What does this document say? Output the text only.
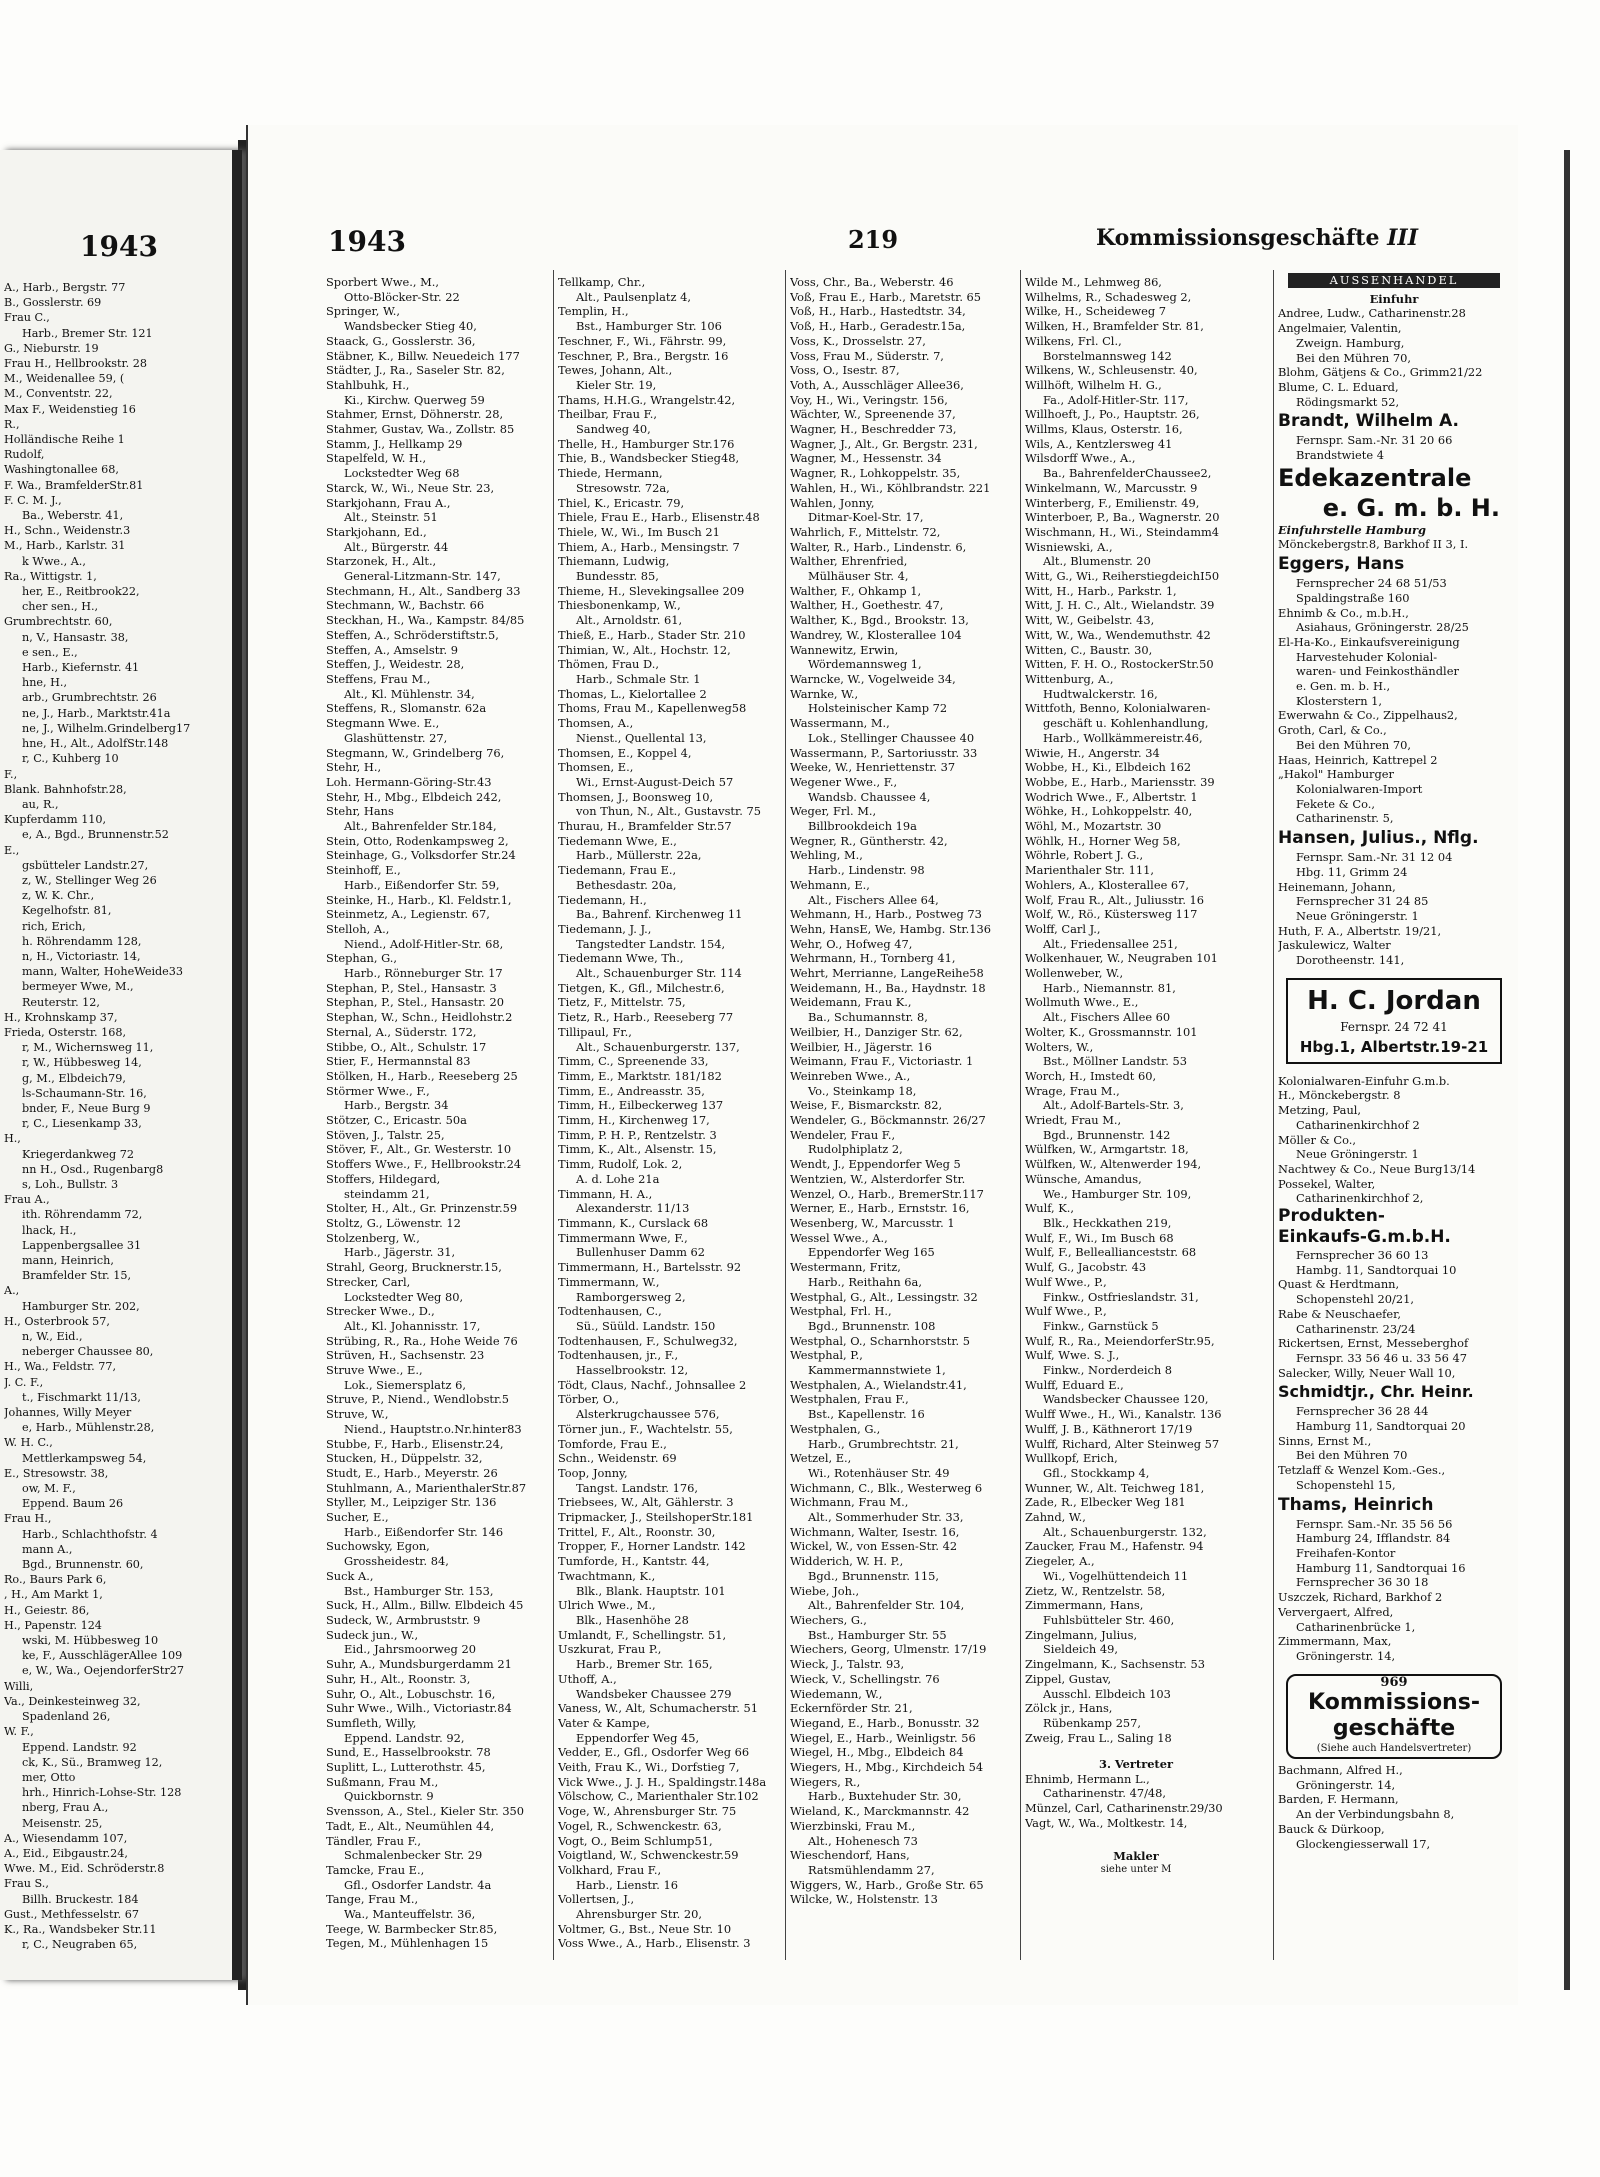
1943
A., Harb., Bergstr. 77
B., Gosslerstr. 69
Frau C.,
Harb., Bremer Str. 121
G., Nieburstr. 19
Frau H., Hellbrookstr. 28
M., Weidenallee 59, (
M., Conventstr. 22,
Max F., Weidenstieg 16
R.,
Holländische Reihe 1
Rudolf,
Washingtonallee 68,
F. Wa., BramfelderStr.81
F. C. M. J.,
Ba., Weberstr. 41,
H., Schn., Weidenstr.3
M., Harb., Karlstr. 31
k Wwe., A.,
Ra., Wittigstr. 1,
her, E., Reitbrook22,
cher sen., H.,
Grumbrechtstr. 60,
n, V., Hansastr. 38,
e sen., E.,
Harb., Kiefernstr. 41
hne, H.,
arb., Grumbrechtstr. 26
ne, J., Harb., Marktstr.41a
ne, J., Wilhelm.Grindelberg17
hne, H., Alt., AdolfStr.148
r, C., Kuhberg 10
F.,
Blank. Bahnhofstr.28,
au, R.,
Kupferdamm 110,
e, A., Bgd., Brunnenstr.52
E.,
gsbütteler Landstr.27,
z, W., Stellinger Weg 26
z, W. K. Chr.,
Kegelhofstr. 81,
rich, Erich,
h. Röhrendamm 128,
n, H., Victoriastr. 14,
mann, Walter, HoheWeide33
bermeyer Wwe, M.,
Reuterstr. 12,
H., Krohnskamp 37,
Frieda, Osterstr. 168,
r, M., Wichernsweg 11,
r, W., Hübbesweg 14,
g, M., Elbdeich79,
ls-Schaumann-Str. 16,
bnder, F., Neue Burg 9
r, C., Liesenkamp 33,
H.,
Kriegerdankweg 72
nn H., Osd., Rugenbarg8
s, Loh., Bullstr. 3
Frau A.,
ith. Röhrendamm 72,
lhack, H.,
Lappenbergsallee 31
mann, Heinrich,
Bramfelder Str. 15,
A.,
Hamburger Str. 202,
H., Osterbrook 57,
n, W., Eid.,
neberger Chaussee 80,
H., Wa., Feldstr. 77,
J. C. F.,
t., Fischmarkt 11/13,
Johannes, Willy Meyer
e, Harb., Mühlenstr.28,
W. H. C.,
Mettlerkampsweg 54,
E., Stresowstr. 38,
ow, M. F.,
Eppend. Baum 26
Frau H.,
Harb., Schlachthofstr. 4
mann A.,
Bgd., Brunnenstr. 60,
Ro., Baurs Park 6,
, H., Am Markt 1,
H., Geiestr. 86,
H., Papenstr. 124
wski, M. Hübbesweg 10
ke, F., AusschlägerAllee 109
e, W., Wa., OejendorferStr27
Willi,
Va., Deinkesteinweg 32,
Spadenland 26,
W. F.,
Eppend. Landstr. 92
ck, K., Sü., Bramweg 12,
mer, Otto
hrh., Hinrich-Lohse-Str. 128
nberg, Frau A.,
Meisenstr. 25,
A., Wiesendamm 107,
A., Eid., Eibgaustr.24,
Wwe. M., Eid. Schröderstr.8
Frau S.,
Billh. Bruckestr. 184
Gust., Methfesselstr. 67
K., Ra., Wandsbeker Str.11
r, C., Neugraben 65,
1943	219	Kommissionsgeschäfte III
Sporbert Wwe., M.,
Otto-Blöcker-Str. 22
Springer, W.,
Wandsbecker Stieg 40,
Staack, G., Gosslerstr. 36,
Stäbner, K., Billw. Neuedeich 177
Städter, J., Ra., Saseler Str. 82,
Stahlbuhk, H.,
Ki., Kirchw. Querweg 59
Stahmer, Ernst, Döhnerstr. 28,
Stahmer, Gustav, Wa., Zollstr. 85
Stamm, J., Hellkamp 29
Stapelfeld, W. H.,
Lockstedter Weg 68
Starck, W., Wi., Neue Str. 23,
Starkjohann, Frau A.,
Alt., Steinstr. 51
Starkjohann, Ed.,
Alt., Bürgerstr. 44
Starzonek, H., Alt.,
General-Litzmann-Str. 147,
Stechmann, H., Alt., Sandberg 33
Stechmann, W., Bachstr. 66
Steckhan, H., Wa., Kampstr. 84/85
Steffen, A., Schröderstiftstr.5,
Steffen, A., Amselstr. 9
Steffen, J., Weidestr. 28,
Steffens, Frau M.,
Alt., Kl. Mühlenstr. 34,
Steffens, R., Slomanstr. 62a
Stegmann Wwe. E.,
Glashüttenstr. 27,
Stegmann, W., Grindelberg 76,
Stehr, H.,
Loh. Hermann-Göring-Str.43
Stehr, H., Mbg., Elbdeich 242,
Stehr, Hans
Alt., Bahrenfelder Str.184,
Stein, Otto, Rodenkampsweg 2,
Steinhage, G., Volksdorfer Str.24
Steinhoff, E.,
Harb., Eißendorfer Str. 59,
Steinke, H., Harb., Kl. Feldstr.1,
Steinmetz, A., Legienstr. 67,
Stelloh, A.,
Niend., Adolf-Hitler-Str. 68,
Stephan, G.,
Harb., Rönneburger Str. 17
Stephan, P., Stel., Hansastr. 3
Stephan, P., Stel., Hansastr. 20
Stephan, W., Schn., Heidlohstr.2
Sternal, A., Süderstr. 172,
Stibbe, O., Alt., Schulstr. 17
Stier, F., Hermannstal 83
Stölken, H., Harb., Reeseberg 25
Störmer Wwe., F.,
Harb., Bergstr. 34
Stötzer, C., Ericastr. 50a
Stöven, J., Talstr. 25,
Stöver, F., Alt., Gr. Westerstr. 10
Stoffers Wwe., F., Hellbrookstr.24
Stoffers, Hildegard,
steindamm 21,
Stolter, H., Alt., Gr. Prinzenstr.59
Stoltz, G., Löwenstr. 12
Stolzenberg, W.,
Harb., Jägerstr. 31,
Strahl, Georg, Brucknerstr.15,
Strecker, Carl,
Lockstedter Weg 80,
Strecker Wwe., D.,
Alt., Kl. Johannisstr. 17,
Strübing, R., Ra., Hohe Weide 76
Strüven, H., Sachsenstr. 23
Struve Wwe., E.,
Lok., Siemersplatz 6,
Struve, P., Niend., Wendlobstr.5
Struve, W.,
Niend., Hauptstr.o.Nr.hinter83
Stubbe, F., Harb., Elisenstr.24,
Stucken, H., Düppelstr. 32,
Studt, E., Harb., Meyerstr. 26
Stuhlmann, A., MarienthalerStr.87
Styller, M., Leipziger Str. 136
Sucher, E.,
Harb., Eißendorfer Str. 146
Suchowsky, Egon,
Grossheidestr. 84,
Suck A.,
Bst., Hamburger Str. 153,
Suck, H., Allm., Billw. Elbdeich 45
Sudeck, W., Armbruststr. 9
Sudeck jun., W.,
Eid., Jahrsmoorweg 20
Suhr, A., Mundsburgerdamm 21
Suhr, H., Alt., Roonstr. 3,
Suhr, O., Alt., Lobuschstr. 16,
Suhr Wwe., Wilh., Victoriastr.84
Sumfleth, Willy,
Eppend. Landstr. 92,
Sund, E., Hasselbrookstr. 78
Suplitt, L., Lutterothstr. 45,
Sußmann, Frau M.,
Quickbornstr. 9
Svensson, A., Stel., Kieler Str. 350
Tadt, E., Alt., Neumühlen 44,
Tändler, Frau F.,
Schmalenbecker Str. 29
Tamcke, Frau E.,
Gfl., Osdorfer Landstr. 4a
Tange, Frau M.,
Wa., Manteuffelstr. 36,
Teege, W. Barmbecker Str.85,
Tegen, M., Mühlenhagen 15
Tellkamp, Chr.,
Alt., Paulsenplatz 4,
Templin, H.,
Bst., Hamburger Str. 106
Teschner, F., Wi., Fährstr. 99,
Teschner, P., Bra., Bergstr. 16
Tewes, Johann, Alt.,
Kieler Str. 19,
Thams, H.H.G., Wrangelstr.42,
Theilbar, Frau F.,
Sandweg 40,
Thelle, H., Hamburger Str.176
Thie, B., Wandsbecker Stieg48,
Thiede, Hermann,
Stresowstr. 72a,
Thiel, K., Ericastr. 79,
Thiele, Frau E., Harb., Elisenstr.48
Thiele, W., Wi., Im Busch 21
Thiem, A., Harb., Mensingstr. 7
Thiemann, Ludwig,
Bundesstr. 85,
Thieme, H., Slevekingsallee 209
Thiesbonenkamp, W.,
Alt., Arnoldstr. 61,
Thieß, E., Harb., Stader Str. 210
Thimian, W., Alt., Hochstr. 12,
Thömen, Frau D.,
Harb., Schmale Str. 1
Thomas, L., Kielortallee 2
Thoms, Frau M., Kapellenweg58
Thomsen, A.,
Nienst., Quellental 13,
Thomsen, E., Koppel 4,
Thomsen, E.,
Wi., Ernst-August-Deich 57
Thomsen, J., Boonsweg 10,
von Thun, N., Alt., Gustavstr. 75
Thurau, H., Bramfelder Str.57
Tiedemann Wwe, E.,
Harb., Müllerstr. 22a,
Tiedemann, Frau E.,
Bethesdastr. 20a,
Tiedemann, H.,
Ba., Bahrenf. Kirchenweg 11
Tiedemann, J. J.,
Tangstedter Landstr. 154,
Tiedemann Wwe, Th.,
Alt., Schauenburger Str. 114
Tietgen, K., Gfl., Milchestr.6,
Tietz, F., Mittelstr. 75,
Tietz, R., Harb., Reeseberg 77
Tillipaul, Fr.,
Alt., Schauenburgerstr. 137,
Timm, C., Spreenende 33,
Timm, E., Marktstr. 181/182
Timm, E., Andreasstr. 35,
Timm, H., Eilbeckerweg 137
Timm, H., Kirchenweg 17,
Timm, P. H. P., Rentzelstr. 3
Timm, K., Alt., Alsenstr. 15,
Timm, Rudolf, Lok. 2,
A. d. Lohe 21a
Timmann, H. A.,
Alexanderstr. 11/13
Timmann, K., Curslack 68
Timmermann Wwe, F.,
Bullenhuser Damm 62
Timmermann, H., Bartelsstr. 92
Timmermann, W.,
Ramborgersweg 2,
Todtenhausen, C.,
Sü., Süüld. Landstr. 150
Todtenhausen, F., Schulweg32,
Todtenhausen, jr., F.,
Hasselbrookstr. 12,
Tödt, Claus, Nachf., Johnsallee 2
Törber, O.,
Alsterkrugchaussee 576,
Törner jun., F., Wachtelstr. 55,
Tomforde, Frau E.,
Schn., Weidenstr. 69
Toop, Jonny,
Tangst. Landstr. 176,
Triebsees, W., Alt, Gählerstr. 3
Tripmacker, J., SteilshoperStr.181
Trittel, F., Alt., Roonstr. 30,
Tropper, F., Horner Landstr. 142
Tumforde, H., Kantstr. 44,
Twachtmann, K.,
Blk., Blank. Hauptstr. 101
Ulrich Wwe., M.,
Blk., Hasenhöhe 28
Umlandt, F., Schellingstr. 51,
Uszkurat, Frau P.,
Harb., Bremer Str. 165,
Uthoff, A.,
Wandsbeker Chaussee 279
Vaness, W., Alt, Schumacherstr. 51
Vater & Kampe,
Eppendorfer Weg 45,
Vedder, E., Gfl., Osdorfer Weg 66
Veith, Frau K., Wi., Dorfstieg 7,
Vick Wwe., J. J. H., Spaldingstr.148a
Völschow, C., Marienthaler Str.102
Voge, W., Ahrensburger Str. 75
Vogel, R., Schwenckestr. 63,
Vogt, O., Beim Schlump51,
Voigtland, W., Schwenckestr.59
Volkhard, Frau F.,
Harb., Lienstr. 16
Vollertsen, J.,
Ahrensburger Str. 20,
Voltmer, G., Bst., Neue Str. 10
Voss Wwe., A., Harb., Elisenstr. 3
Voss, Chr., Ba., Weberstr. 46
Voß, Frau E., Harb., Maretstr. 65
Voß, H., Harb., Hastedtstr. 34,
Voß, H., Harb., Geradestr.15a,
Voss, K., Drosselstr. 27,
Voss, Frau M., Süderstr. 7,
Voss, O., Isestr. 87,
Voth, A., Ausschläger Allee36,
Voy, H., Wi., Veringstr. 156,
Wächter, W., Spreenende 37,
Wagner, H., Beschredder 73,
Wagner, J., Alt., Gr. Bergstr. 231,
Wagner, M., Hessenstr. 34
Wagner, R., Lohkoppelstr. 35,
Wahlen, H., Wi., Köhlbrandstr. 221
Wahlen, Jonny,
Ditmar-Koel-Str. 17,
Wahrlich, F., Mittelstr. 72,
Walter, R., Harb., Lindenstr. 6,
Walther, Ehrenfried,
Mülhäuser Str. 4,
Walther, F., Ohkamp 1,
Walther, H., Goethestr. 47,
Walther, K., Bgd., Brookstr. 13,
Wandrey, W., Klosterallee 104
Wannewitz, Erwin,
Wördemannsweg 1,
Warncke, W., Vogelweide 34,
Warnke, W.,
Holsteinischer Kamp 72
Wassermann, M.,
Lok., Stellinger Chaussee 40
Wassermann, P., Sartoriusstr. 33
Weeke, W., Henriettenstr. 37
Wegener Wwe., F.,
Wandsb. Chaussee 4,
Weger, Frl. M.,
Billbrookdeich 19a
Wegner, R., Güntherstr. 42,
Wehling, M.,
Harb., Lindenstr. 98
Wehmann, E.,
Alt., Fischers Allee 64,
Wehmann, H., Harb., Postweg 73
Wehn, HansE, We, Hambg. Str.136
Wehr, O., Hofweg 47,
Wehrmann, H., Tornberg 41,
Wehrt, Merrianne, LangeReihe58
Weidemann, H., Ba., Haydnstr. 18
Weidemann, Frau K.,
Ba., Schumannstr. 8,
Weilbier, H., Danziger Str. 62,
Weilbier, H., Jägerstr. 16
Weimann, Frau F., Victoriastr. 1
Weinreben Wwe., A.,
Vo., Steinkamp 18,
Weise, F., Bismarckstr. 82,
Wendeler, G., Böckmannstr. 26/27
Wendeler, Frau F.,
Rudolphiplatz 2,
Wendt, J., Eppendorfer Weg 5
Wentzien, W., Alsterdorfer Str.
Wenzel, O., Harb., BremerStr.117
Werner, E., Harb., Ernststr. 16,
Wesenberg, W., Marcusstr. 1
Wessel Wwe., A.,
Eppendorfer Weg 165
Westermann, Fritz,
Harb., Reithahn 6a,
Westphal, G., Alt., Lessingstr. 32
Westphal, Frl. H.,
Bgd., Brunnenstr. 108
Westphal, O., Scharnhorststr. 5
Westphal, P.,
Kammermannstwiete 1,
Westphalen, A., Wielandstr.41,
Westphalen, Frau F.,
Bst., Kapellenstr. 16
Westphalen, G.,
Harb., Grumbrechtstr. 21,
Wetzel, E.,
Wi., Rotenhäuser Str. 49
Wichmann, C., Blk., Westerweg 6
Wichmann, Frau M.,
Alt., Sommerhuder Str. 33,
Wichmann, Walter, Isestr. 16,
Wickel, W., von Essen-Str. 42
Widderich, W. H. P.,
Bgd., Brunnenstr. 115,
Wiebe, Joh.,
Alt., Bahrenfelder Str. 104,
Wiechers, G.,
Bst., Hamburger Str. 55
Wiechers, Georg, Ulmenstr. 17/19
Wieck, J., Talstr. 93,
Wieck, V., Schellingstr. 76
Wiedemann, W.,
Eckernförder Str. 21,
Wiegand, E., Harb., Bonusstr. 32
Wiegel, E., Harb., Weinligstr. 56
Wiegel, H., Mbg., Elbdeich 84
Wiegers, H., Mbg., Kirchdeich 54
Wiegers, R.,
Harb., Buxtehuder Str. 30,
Wieland, K., Marckmannstr. 42
Wierzbinski, Frau M.,
Alt., Hohenesch 73
Wieschendorf, Hans,
Ratsmühlendamm 27,
Wiggers, W., Harb., Große Str. 65
Wilcke, W., Holstenstr. 13
Wilde M., Lehmweg 86,
Wilhelms, R., Schadesweg 2,
Wilke, H., Scheideweg 7
Wilken, H., Bramfelder Str. 81,
Wilkens, Frl. Cl.,
Borstelmannsweg 142
Wilkens, W., Schleusenstr. 40,
Willhöft, Wilhelm H. G.,
Fa., Adolf-Hitler-Str. 117,
Willhoeft, J., Po., Hauptstr. 26,
Willms, Klaus, Osterstr. 16,
Wils, A., Kentzlersweg 41
Wilsdorff Wwe., A.,
Ba., BahrenfelderChaussee2,
Winkelmann, W., Marcusstr. 9
Winterberg, F., Emilienstr. 49,
Winterboer, P., Ba., Wagnerstr. 20
Wischmann, H., Wi., Steindamm4
Wisniewski, A.,
Alt., Blumenstr. 20
Witt, G., Wi., ReiherstiegdeichI50
Witt, H., Harb., Parkstr. 1,
Witt, J. H. C., Alt., Wielandstr. 39
Witt, W., Geibelstr. 43,
Witt, W., Wa., Wendemuthstr. 42
Witten, C., Baustr. 30,
Witten, F. H. O., RostockerStr.50
Wittenburg, A.,
Hudtwalckerstr. 16,
Wittfoth, Benno, Kolonialwaren-
geschäft u. Kohlenhandlung,
Harb., Wollkämmereistr.46,
Wiwie, H., Angerstr. 34
Wobbe, H., Ki., Elbdeich 162
Wobbe, E., Harb., Mariensstr. 39
Wodrich Wwe., F., Albertstr. 1
Wöhke, H., Lohkoppelstr. 40,
Wöhl, M., Mozartstr. 30
Wöhlk, H., Horner Weg 58,
Wöhrle, Robert J. G.,
Marienthaler Str. 111,
Wohlers, A., Klosterallee 67,
Wolf, Frau R., Alt., Juliusstr. 16
Wolf, W., Rö., Küstersweg 117
Wolff, Carl J.,
Alt., Friedensallee 251,
Wolkenhauer, W., Neugraben 101
Wollenweber, W.,
Harb., Niemannstr. 81,
Wollmuth Wwe., E.,
Alt., Fischers Allee 60
Wolter, K., Grossmannstr. 101
Wolters, W.,
Bst., Möllner Landstr. 53
Worch, H., Imstedt 60,
Wrage, Frau M.,
Alt., Adolf-Bartels-Str. 3,
Wriedt, Frau M.,
Bgd., Brunnenstr. 142
Wülfken, W., Armgartstr. 18,
Wülfken, W., Altenwerder 194,
Wünsche, Amandus,
We., Hamburger Str. 109,
Wulf, K.,
Blk., Heckkathen 219,
Wulf, F., Wi., Im Busch 68
Wulf, F., Belleallianceststr. 68
Wulf, G., Jacobstr. 43
Wulf Wwe., P.,
Finkw., Ostfrieslandstr. 31,
Wulf Wwe., P.,
Finkw., Garnstück 5
Wulf, R., Ra., MeiendorferStr.95,
Wulf, Wwe. S. J.,
Finkw., Norderdeich 8
Wulff, Eduard E.,
Wandsbecker Chaussee 120,
Wulff Wwe., H., Wi., Kanalstr. 136
Wulff, J. B., Käthnerort 17/19
Wulff, Richard, Alter Steinweg 57
Wullkopf, Erich,
Gfl., Stockkamp 4,
Wunner, W., Alt. Teichweg 181,
Zade, R., Elbecker Weg 181
Zahnd, W.,
Alt., Schauenburgerstr. 132,
Zaucker, Frau M., Hafenstr. 94
Ziegeler, A.,
Wi., Vogelhüttendeich 11
Zietz, W., Rentzelstr. 58,
Zimmermann, Hans,
Fuhlsbütteler Str. 460,
Zingelmann, Julius,
Sieldeich 49,
Zingelmann, K., Sachsenstr. 53
Zippel, Gustav,
Ausschl. Elbdeich 103
Zölck jr., Hans,
Rübenkamp 257,
Zweig, Frau L., Saling 18
3. Vertreter
Ehnimb, Hermann L.,
Catharinenstr. 47/48,
Münzel, Carl, Catharinenstr.29/30
Vagt, W., Wa., Moltkestr. 14,
Makler
siehe unter M
AUSSENHANDEL
Einfuhr
Andree, Ludw., Catharinenstr.28
Angelmaier, Valentin,
Zweign. Hamburg,
Bei den Mühren 70,
Blohm, Gätjens & Co., Grimm21/22
Blume, C. L. Eduard,
Rödingsmarkt 52,
Brandt, Wilhelm A.
Fernspr. Sam.-Nr. 31 20 66
Brandstwiete 4
Edekazentrale
e. G. m. b. H.
Einfuhrstelle Hamburg
Mönckebergstr.8, Barkhof II 3, I.
Eggers, Hans
Fernsprecher 24 68 51/53
Spaldingstraße 160
Ehnimb & Co., m.b.H.,
Asiahaus, Gröningerstr. 28/25
El-Ha-Ko., Einkaufsvereinigung
Harvestehuder Kolonial-
waren- und Feinkosthändler
e. Gen. m. b. H.,
Klosterstern 1,
Ewerwahn & Co., Zippelhaus2,
Groth, Carl, & Co.,
Bei den Mühren 70,
Haas, Heinrich, Kattrepel 2
„Hakol" Hamburger
Kolonialwaren-Import
Fekete & Co.,
Catharinenstr. 5,
Hansen, Julius., Nflg.
Fernspr. Sam.-Nr. 31 12 04
Hbg. 11, Grimm 24
Heinemann, Johann,
Fernsprecher 31 24 85
Neue Gröningerstr. 1
Huth, F. A., Albertstr. 19/21,
Jaskulewicz, Walter
Dorotheenstr. 141,
H. C. Jordan
Fernspr. 24 72 41
Hbg.1, Albertstr.19-21
Kolonialwaren-Einfuhr G.m.b.
H., Mönckebergstr. 8
Metzing, Paul,
Catharinenkirchhof 2
Möller & Co.,
Neue Gröningerstr. 1
Nachtwey & Co., Neue Burg13/14
Possekel, Walter,
Catharinenkirchhof 2,
Produkten-
Einkaufs-G.m.b.H.
Fernsprecher 36 60 13
Hambg. 11, Sandtorquai 10
Quast & Herdtmann,
Schopenstehl 20/21,
Rabe & Neuschaefer,
Catharinenstr. 23/24
Rickertsen, Ernst, Messeberghof
Fernspr. 33 56 46 u. 33 56 47
Salecker, Willy, Neuer Wall 10,
Schmidtjr., Chr. Heinr.
Fernsprecher 36 28 44
Hamburg 11, Sandtorquai 20
Sinns, Ernst M.,
Bei den Mühren 70
Tetzlaff & Wenzel Kom.-Ges.,
Schopenstehl 15,
Thams, Heinrich
Fernspr. Sam.-Nr. 35 56 56
Hamburg 24, Ifflandstr. 84
Freihafen-Kontor
Hamburg 11, Sandtorquai 16
Fernsprecher 36 30 18
Uszczek, Richard, Barkhof 2
Ververgaert, Alfred,
Catharinenbrücke 1,
Zimmermann, Max,
Gröningerstr. 14,
969
Kommissions-
geschäfte
(Siehe auch Handelsvertreter)
Bachmann, Alfred H.,
Gröningerstr. 14,
Barden, F. Hermann,
An der Verbindungsbahn 8,
Bauck & Dürkoop,
Glockengiesserwall 17,
